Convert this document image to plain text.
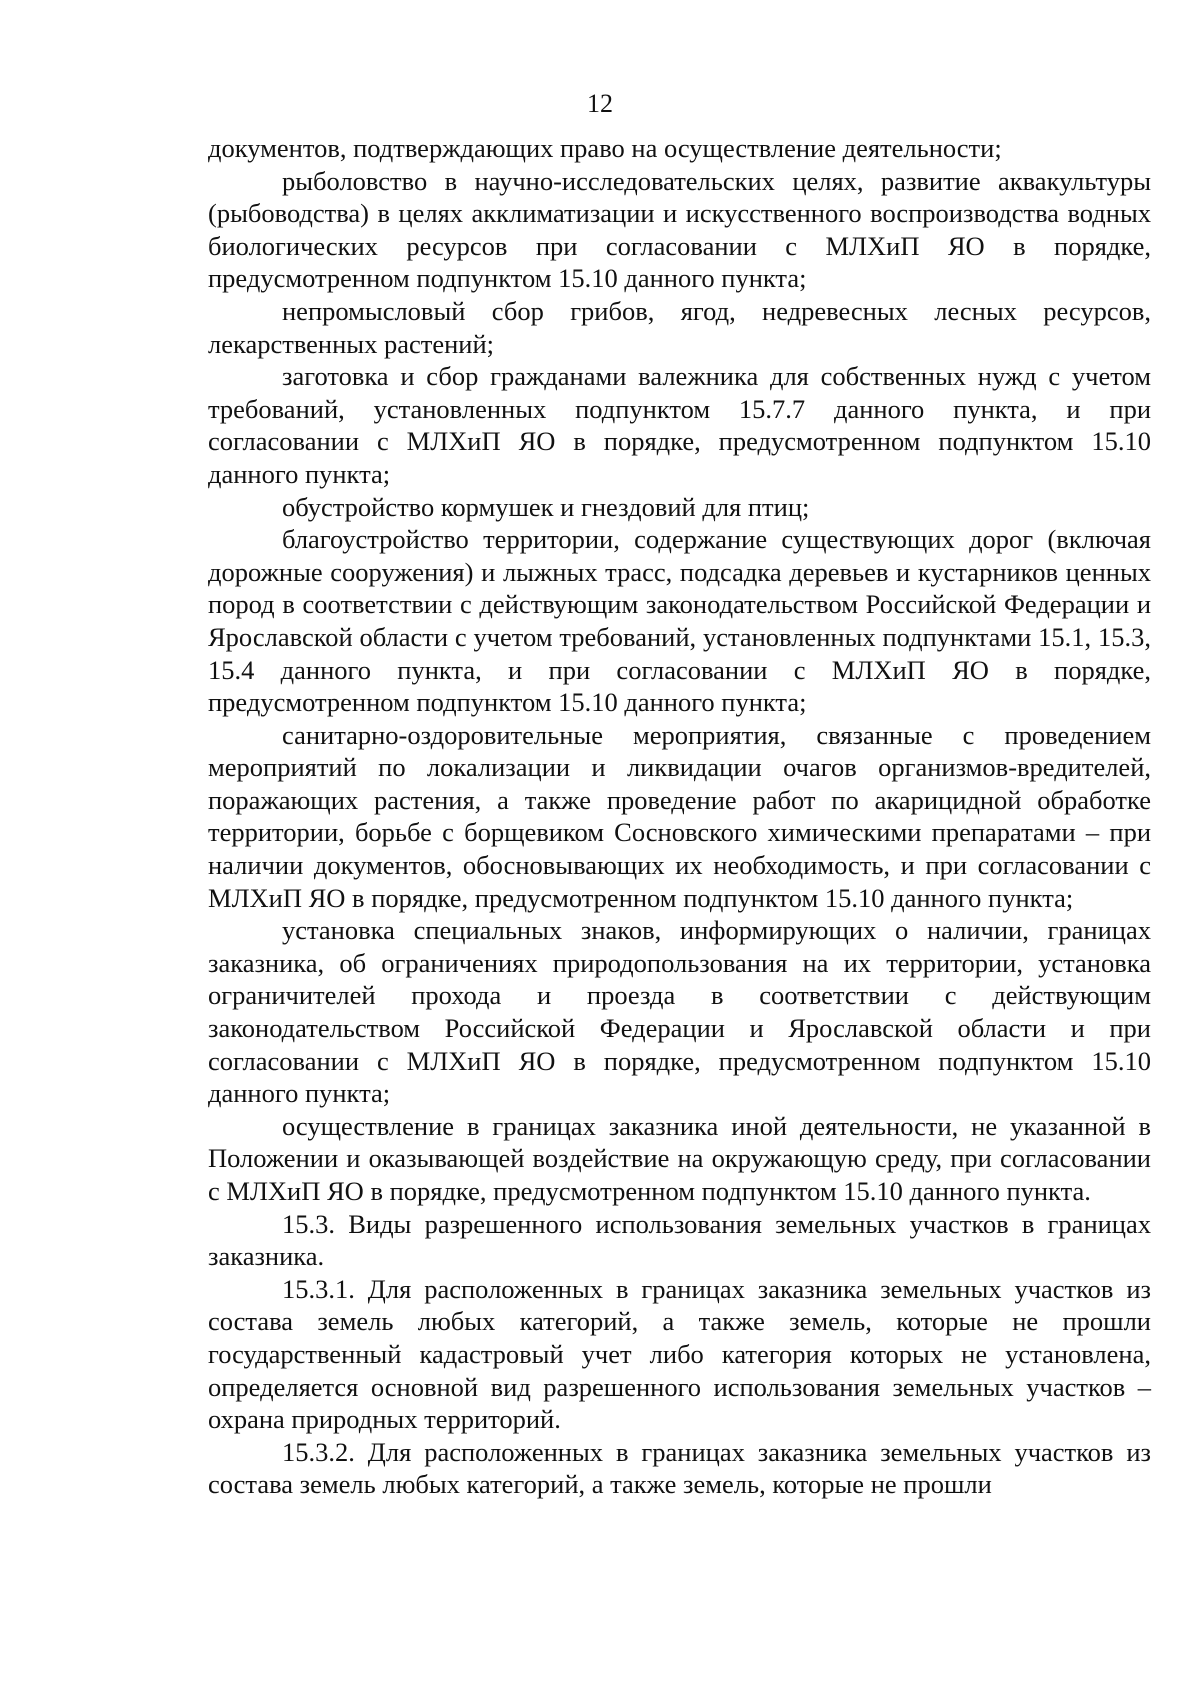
12

документов, подтверждающих право на осуществление деятельности;

рыболовство в научно-исследовательских целях, развитие аквакультуры (рыбоводства) в целях акклиматизации и искусственного воспроизводства водных биологических ресурсов при согласовании с МЛХиП ЯО в порядке, предусмотренном подпунктом 15.10 данного пункта;

непромысловый сбор грибов, ягод, недревесных лесных ресурсов, лекарственных растений;

заготовка и сбор гражданами валежника для собственных нужд с учетом требований, установленных подпунктом 15.7.7 данного пункта, и при согласовании с МЛХиП ЯО в порядке, предусмотренном подпунктом 15.10 данного пункта;

обустройство кормушек и гнездовий для птиц;

благоустройство территории, содержание существующих дорог (включая дорожные сооружения) и лыжных трасс, подсадка деревьев и кустарников ценных пород в соответствии с действующим законодательством Российской Федерации и Ярославской области с учетом требований, установленных подпунктами 15.1, 15.3, 15.4 данного пункта, и при согласовании с МЛХиП ЯО в порядке, предусмотренном подпунктом 15.10 данного пункта;

санитарно-оздоровительные мероприятия, связанные с проведением мероприятий по локализации и ликвидации очагов организмов-вредителей, поражающих растения, а также проведение работ по акарицидной обработке территории, борьбе с борщевиком Сосновского химическими препаратами – при наличии документов, обосновывающих их необходимость, и при согласовании с МЛХиП ЯО в порядке, предусмотренном подпунктом 15.10 данного пункта;

установка специальных знаков, информирующих о наличии, границах заказника, об ограничениях природопользования на их территории, установка ограничителей прохода и проезда в соответствии с действующим законодательством Российской Федерации и Ярославской области и при согласовании с МЛХиП ЯО в порядке, предусмотренном подпунктом 15.10 данного пункта;

осуществление в границах заказника иной деятельности, не указанной в Положении и оказывающей воздействие на окружающую среду, при согласовании с МЛХиП ЯО в порядке, предусмотренном подпунктом 15.10 данного пункта.

15.3. Виды разрешенного использования земельных участков в границах заказника.

15.3.1. Для расположенных в границах заказника земельных участков из состава земель любых категорий, а также земель, которые не прошли государственный кадастровый учет либо категория которых не установлена, определяется основной вид разрешенного использования земельных участков – охрана природных территорий.

15.3.2. Для расположенных в границах заказника земельных участков из состава земель любых категорий, а также земель, которые не прошли
